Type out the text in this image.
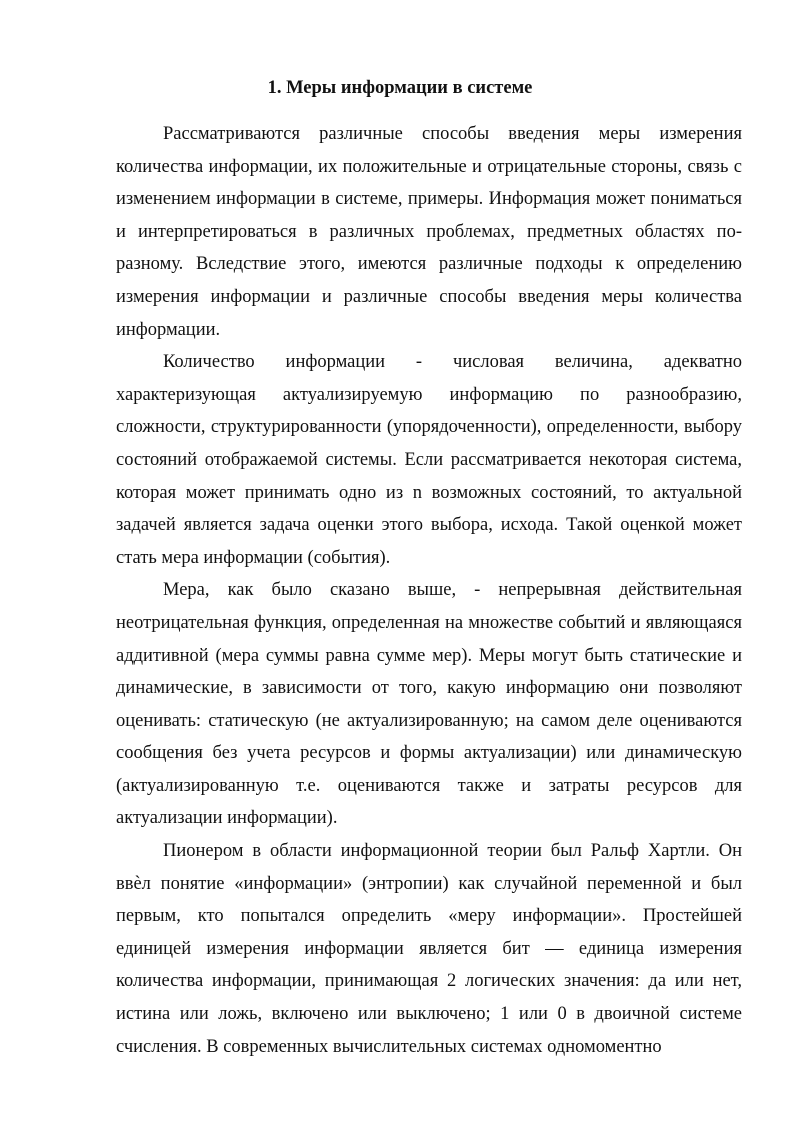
1. Меры информации в системе

Рассматриваются различные способы введения меры измерения количества информации, их положительные и отрицательные стороны, связь с изменением информации в системе, примеры. Информация может пониматься и интерпретироваться в различных проблемах, предметных областях по-разному. Вследствие этого, имеются различные подходы к определению измерения информации и различные способы введения меры количества информации.

Количество информации - числовая величина, адекватно характеризующая актуализируемую информацию по разнообразию, сложности, структурированности (упорядоченности), определенности, выбору состояний отображаемой системы. Если рассматривается некоторая система, которая может принимать одно из n возможных состояний, то актуальной задачей является задача оценки этого выбора, исхода. Такой оценкой может стать мера информации (события).

Мера, как было сказано выше, - непрерывная действительная неотрицательная функция, определенная на множестве событий и являющаяся аддитивной (мера суммы равна сумме мер). Меры могут быть статические и динамические, в зависимости от того, какую информацию они позволяют оценивать: статическую (не актуализированную; на самом деле оцениваются сообщения без учета ресурсов и формы актуализации) или динамическую (актуализированную т.е. оцениваются также и затраты ресурсов для актуализации информации).

Пионером в области информационной теории был Ральф Хартли. Он ввѐл понятие «информации» (энтропии) как случайной переменной и был первым, кто попытался определить «меру информации». Простейшей единицей измерения информации является бит — единица измерения количества информации, принимающая 2 логических значения: да или нет, истина или ложь, включено или выключено; 1 или 0 в двоичной системе счисления. В современных вычислительных системах одномоментно
